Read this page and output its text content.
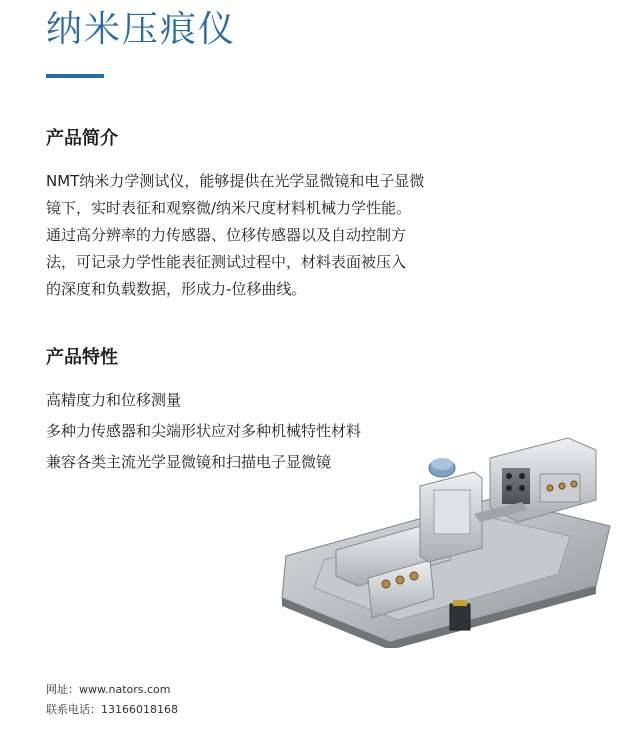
纳米压痕仪
产品简介
NMT纳米力学测试仪，能够提供在光学显微镜和电子显微
镜下，实时表征和观察微/纳米尺度材料机械力学性能。
通过高分辨率的力传感器、位移传感器以及自动控制方
法，可记录力学性能表征测试过程中，材料表面被压入
的深度和负载数据，形成力-位移曲线。
产品特性
高精度力和位移测量
多种力传感器和尖端形状应对多种机械特性材料
兼容各类主流光学显微镜和扫描电子显微镜
网址：www.nators.com
联系电话：13166018168
